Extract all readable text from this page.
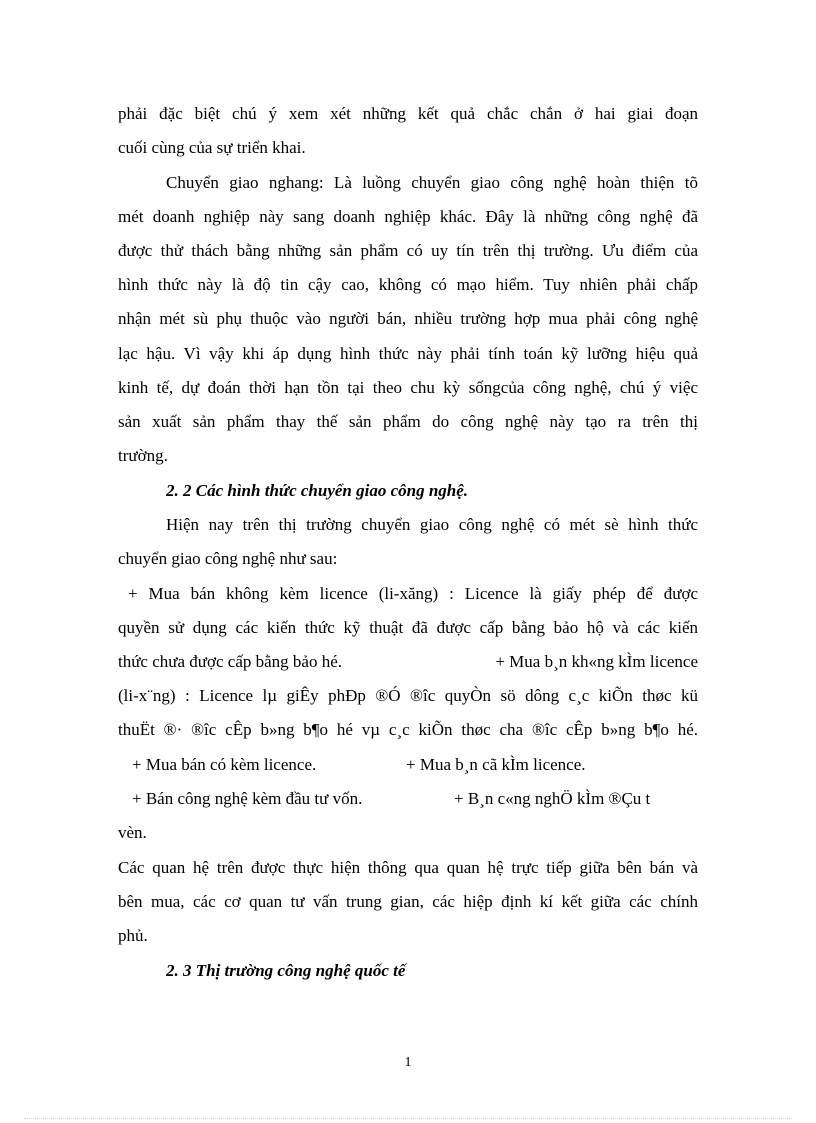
phải đặc biệt chú ý xem xét những kết quả chắc chắn ở hai giai đoạn
cuối cùng của sự triển khai.
Chuyển giao nghang: Là luồng chuyển giao công nghệ hoàn thiện tõ
mét doanh nghiệp này sang doanh nghiệp khác. Đây là những công nghệ đã
được thử thách bằng những sản phẩm có uy tín trên thị trường. Ưu điểm của
hình thức này là độ tin cậy cao, không có mạo hiểm. Tuy nhiên phải chấp
nhận mét sù phụ thuộc vào người bán, nhiều trường hợp mua phải công nghệ
lạc hậu. Vì vậy khi áp dụng hình thức này phải tính toán kỹ lưỡng hiệu quả
kinh tế, dự đoán thời hạn tồn tại theo chu kỳ sốngcủa công nghệ, chú ý việc
sản xuất sản phẩm thay thế sản phẩm do công nghệ này tạo ra trên thị
trường.
2. 2 Các hình thức chuyển giao công nghệ.
Hiện nay trên thị trường chuyển giao công nghệ có mét sè hình thức
chuyển giao công nghệ như sau:
+ Mua bán không kèm licence (li-xăng) : Licence là giấy phép để được
quyền sử dụng các kiến thức kỹ thuật đã được cấp bằng bảo hộ và các kiến
thức chưa được cấp bằng bảo hé.	+ Mua b¸n kh«ng kÌm licence
(li-x¨ng) : Licence lµ giÊy phÐp ®Ó ®îc quyÒn sö dông c¸c kiÕn thøc kü
thuËt ®· ®îc cÊp b»ng b¶o hé vµ c¸c kiÕn thøc cha ®îc cÊp b»ng b¶o hé.
+ Mua bán có kèm licence.	+ Mua b¸n cã kÌm licence.
+ Bán công nghệ kèm đầu tư vốn.	+ B¸n c«ng nghÖ kÌm ®Çu t
vèn.
Các quan hệ trên được thực hiện thông qua quan hệ trực tiếp giữa bên bán và
bên mua, các cơ quan tư vấn trung gian, các hiệp định kí kết giữa các chính
phủ.
2. 3 Thị trường công nghệ quốc tế
1
